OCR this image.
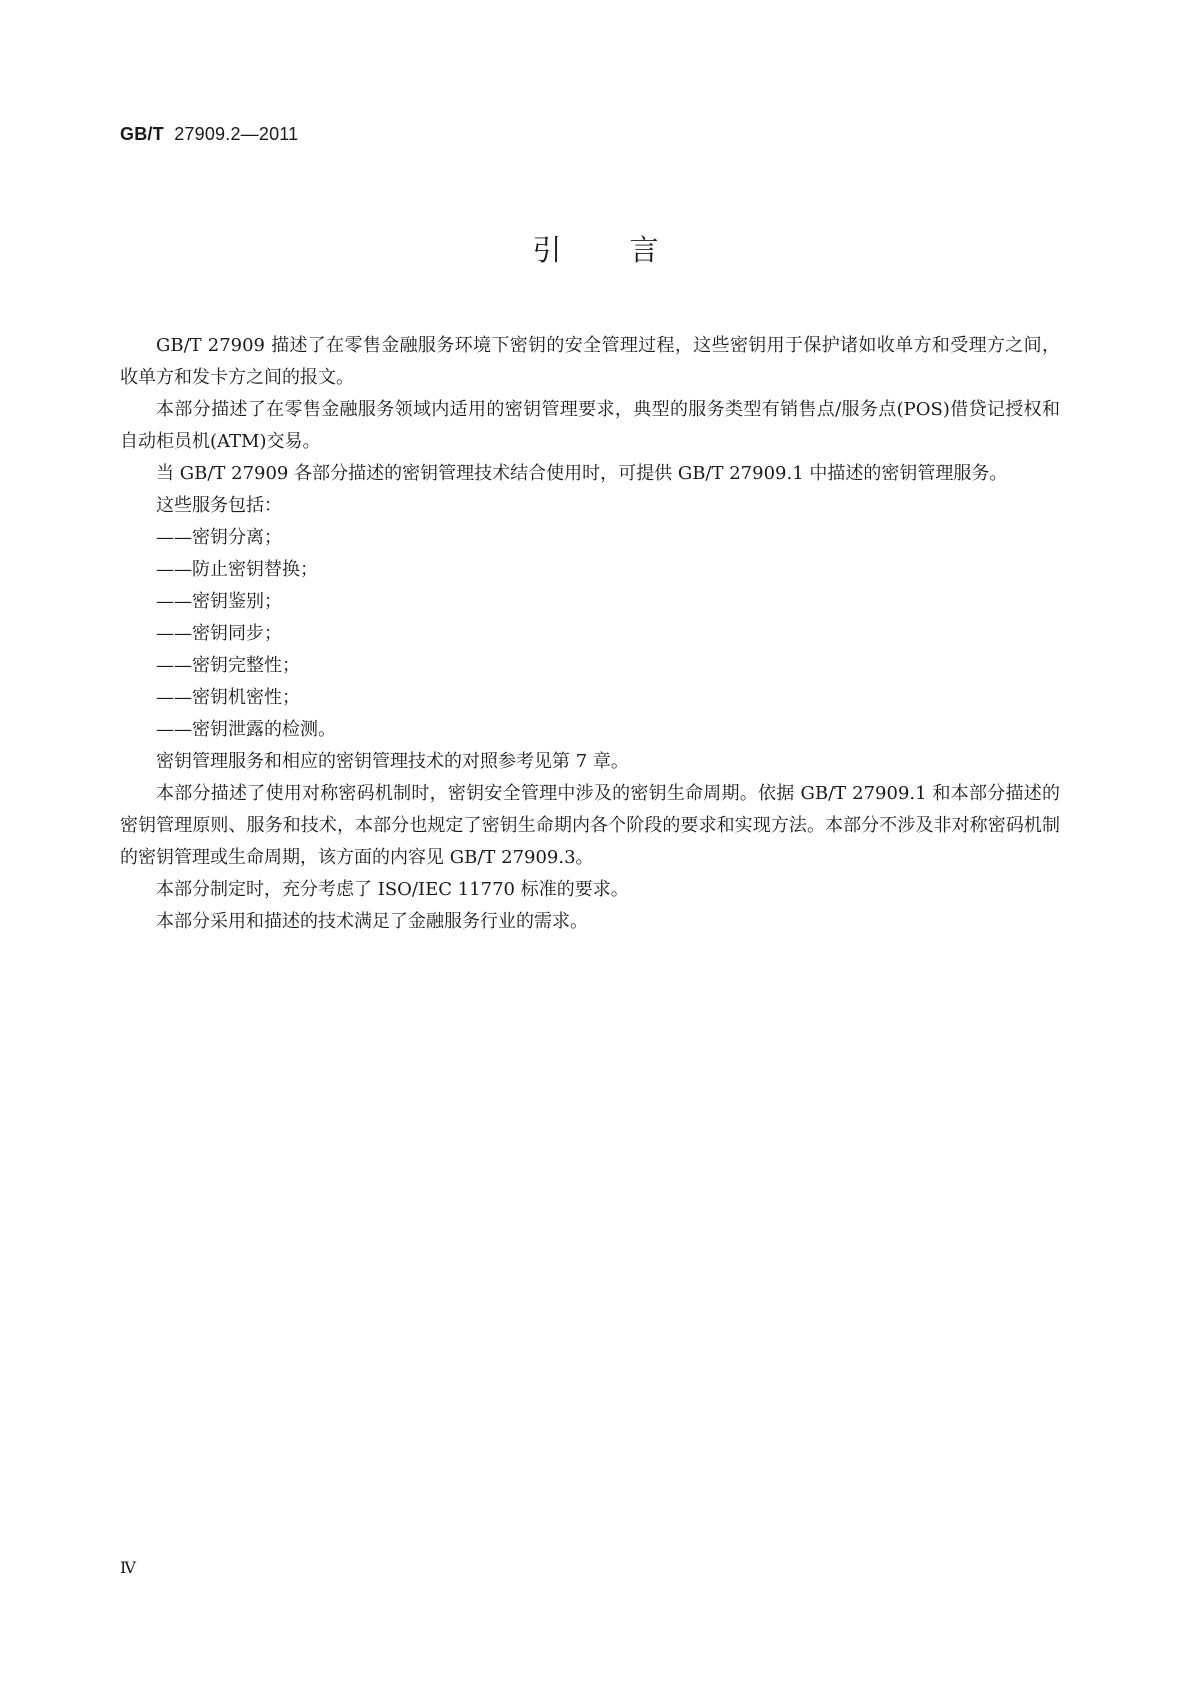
GB/T 27909.2—2011
引言

GB/T 27909 描述了在零售金融服务环境下密钥的安全管理过程，这些密钥用于保护诸如收单方和受理方之间，收单方和发卡方之间的报文。

本部分描述了在零售金融服务领域内适用的密钥管理要求，典型的服务类型有销售点/服务点(POS)借贷记授权和自动柜员机(ATM)交易。

当 GB/T 27909 各部分描述的密钥管理技术结合使用时，可提供 GB/T 27909.1 中描述的密钥管理服务。

这些服务包括：

——密钥分离；
——防止密钥替换；
——密钥鉴别；
——密钥同步；
——密钥完整性；
——密钥机密性；
——密钥泄露的检测。

密钥管理服务和相应的密钥管理技术的对照参考见第 7 章。

本部分描述了使用对称密码机制时，密钥安全管理中涉及的密钥生命周期。依据 GB/T 27909.1 和本部分描述的密钥管理原则、服务和技术，本部分也规定了密钥生命期内各个阶段的要求和实现方法。本部分不涉及非对称密码机制的密钥管理或生命周期，该方面的内容见 GB/T 27909.3。

本部分制定时，充分考虑了 ISO/IEC 11770 标准的要求。

本部分采用和描述的技术满足了金融服务行业的需求。

Ⅳ
